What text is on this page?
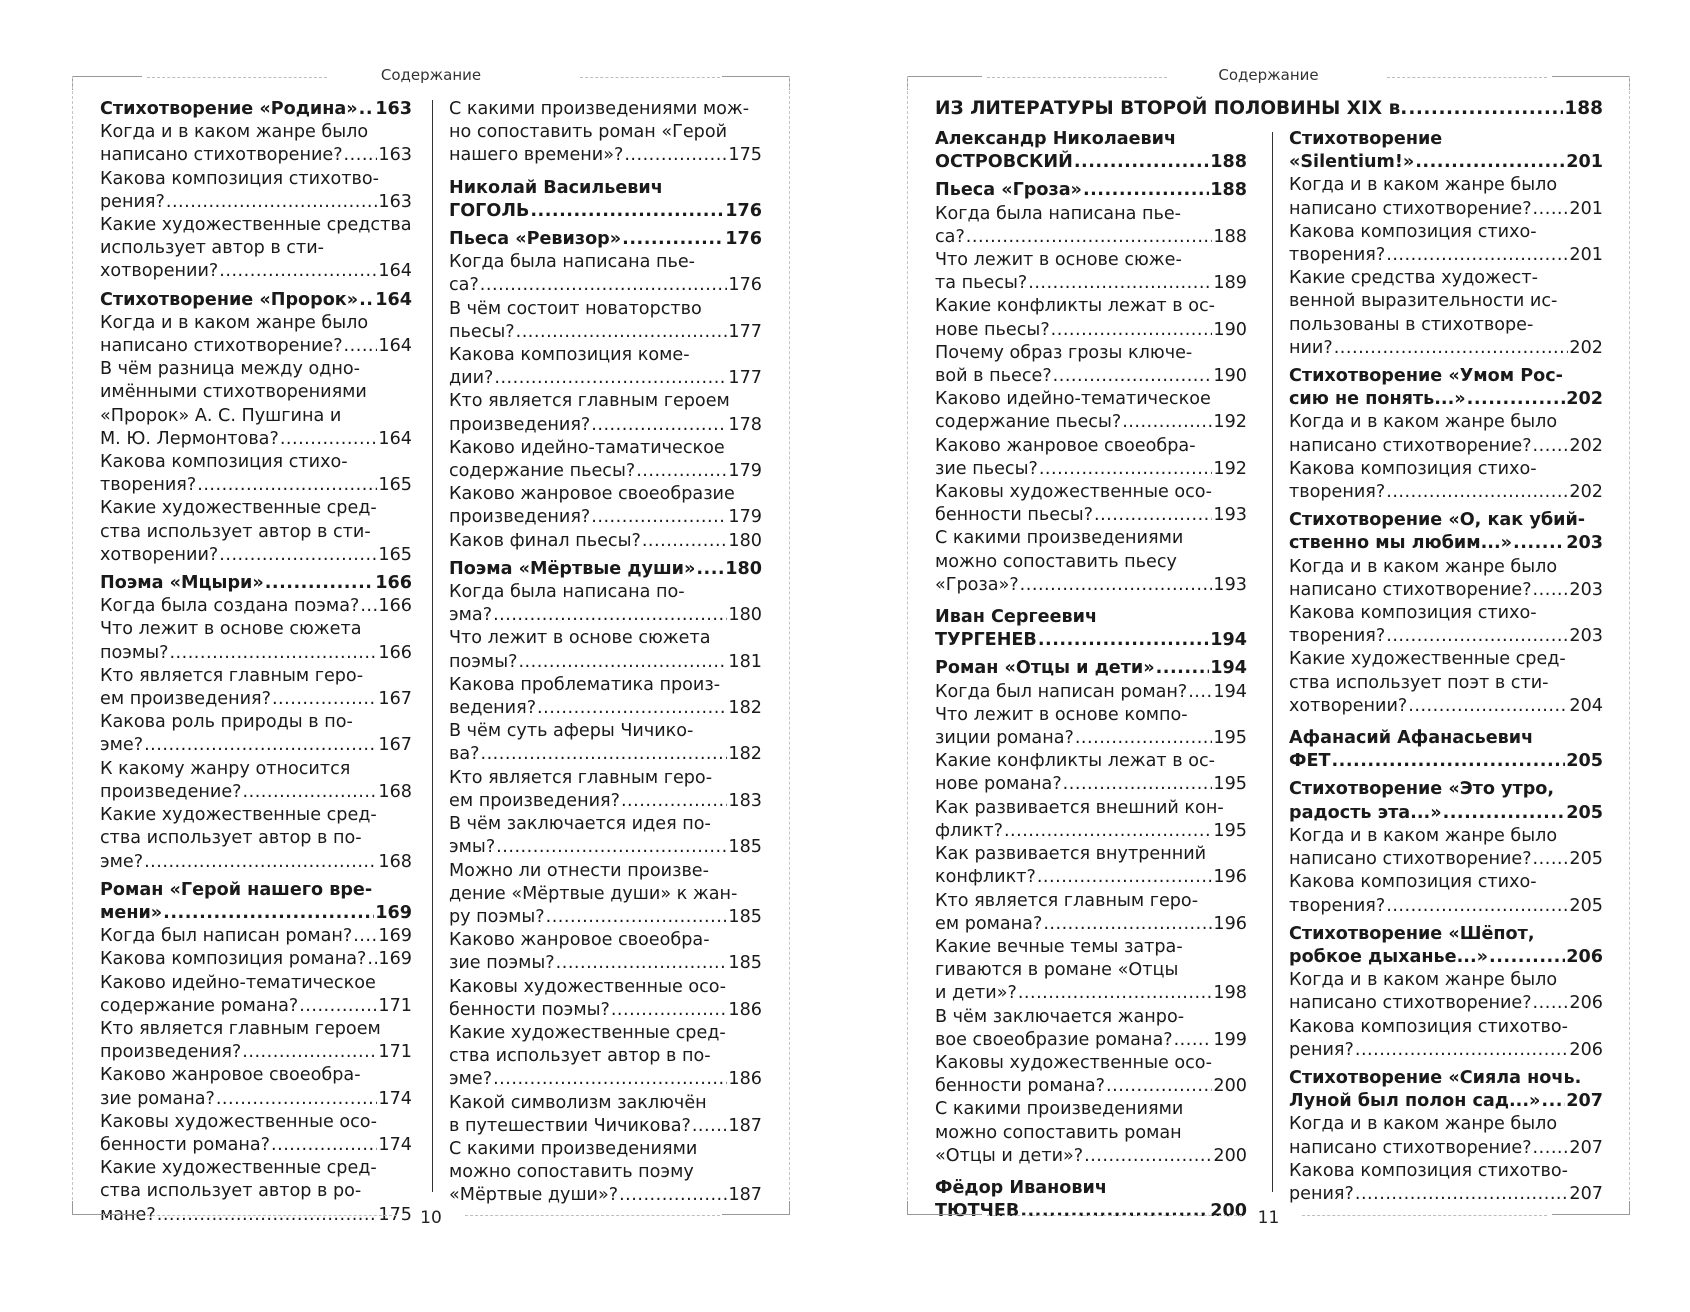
Содержание
Стихотворение «Родина» ..... 163
Когда и в каком жанре было
написано стихотворение? ..... 163
Какова композиция стихотво-
рения? .....	163
Какие художественные средства
использует автор в сти-
хотворении? .....	164
Стихотворение «Пророк» ..... 164
Когда и в каком жанре было
написано стихотворение? ..... 164
В чём разница между одно-
имёнными стихотворениями
«Пророк» А. С. Пушгина и
М. Ю. Лермонтова? .....	164
Какова композиция стихо-
творения? .....	165
Какие художественные сред-
ства использует автор в сти-
хотворении? .....	165
Поэма «Мцыри» .....	166
Когда была создана поэма? ..... 166
Что лежит в основе сюжета
поэмы? .....	166
Кто является главным геро-
ем произведения? .....	167
Какова роль природы в по-
эме? .....	167
К какому жанру относится
произведение? .....	168
Какие художественные сред-
ства использует автор в по-
эме? .....	168
Роман «Герой нашего вре-
мени» .....	169
Когда был написан роман? ..... 169
Какова композиция романа? ..... 169
Каково идейно-тематическое
содержание романа? .....	171
Кто является главным героем
произведения? .....	171
Каково жанровое своеобра-
зие романа? .....	174
Каковы художественные осо-
бенности романа? .....	174
Какие художественные сред-
ства использует автор в ро-
мане? .....	175
С какими произведениями мож-
но сопоставить роман «Герой
нашего времени»? .....	175
Николай Васильевич
ГОГОЛЬ .....	176
Пьеса «Ревизор» .....	176
Когда была написана пье-
са? .....	176
В чём состоит новаторство
пьесы? .....	177
Какова композиция коме-
дии? .....	177
Кто является главным героем
произведения? .....	178
Каково идейно-таматическое
содержание пьесы? .....	179
Каково жанровое своеобразие
произведения? .....	179
Каков финал пьесы? .....	180
Поэма «Мёртвые души» ..... 180
Когда была написана по-
эма? .....	180
Что лежит в основе сюжета
поэмы? .....	181
Какова проблематика произ-
ведения? .....	182
В чём суть аферы Чичико-
ва? .....	182
Кто является главным геро-
ем произведения? .....	183
В чём заключается идея по-
эмы? .....	185
Можно ли отнести произве-
дение «Мёртвые души» к жан-
ру поэмы? .....	185
Каково жанровое своеобра-
зие поэмы? .....	185
Каковы художественные осо-
бенности поэмы? .....	186
Какие художественные сред-
ства использует автор в по-
эме? .....	186
Какой символизм заключён
в путешествии Чичикова? ..... 187
С какими произведениями
можно сопоставить поэму
«Мёртвые души»? .....	187
10
Содержание
ИЗ ЛИТЕРАТУРЫ ВТОРОЙ ПОЛОВИНЫ XIX в. .....	188
Александр Николаевич
ОСТРОВСКИЙ .....	188
Пьеса «Гроза» .....	188
Когда была написана пье-
са? .....	188
Что лежит в основе сюже-
та пьесы? .....	189
Какие конфликты лежат в ос-
нове пьесы? .....	190
Почему образ грозы ключе-
вой в пьесе? .....	190
Каково идейно-тематическое
содержание пьесы? .....	192
Каково жанровое своеобра-
зие пьесы? .....	192
Каковы художественные осо-
бенности пьесы? .....	193
С какими произведениями
можно сопоставить пьесу
«Гроза»? .....	193
Иван Сергеевич
ТУРГЕНЕВ .....	194
Роман «Отцы и дети» .....	194
Когда был написан роман? ..... 194
Что лежит в основе компо-
зиции романа? .....	195
Какие конфликты лежат в ос-
нове романа? .....	195
Как развивается внешний кон-
фликт? .....	195
Как развивается внутренний
конфликт? .....	196
Кто является главным геро-
ем романа? .....	196
Какие вечные темы затра-
гиваются в романе «Отцы
и дети»? .....	198
В чём заключается жанро-
вое своеобразие романа? ..... 199
Каковы художественные осо-
бенности романа? .....	200
С какими произведениями
можно сопоставить роман
«Отцы и дети»? .....	200
Фёдор Иванович
ТЮТЧЕВ .....	200
Стихотворение
«Silentium!» .....	201
Когда и в каком жанре было
написано стихотворение? ..... 201
Какова композиция стихо-
творения? .....	201
Какие средства художест-
венной выразительности ис-
пользованы в стихотворе-
нии? .....	202
Стихотворение «Умом Рос-
сию не понять...» .....	202
Когда и в каком жанре было
написано стихотворение? ..... 202
Какова композиция стихо-
творения? .....	202
Стихотворение «О, как убий-
ственно мы любим...» .....	203
Когда и в каком жанре было
написано стихотворение? ..... 203
Какова композиция стихо-
творения? .....	203
Какие художественные сред-
ства использует поэт в сти-
хотворении? .....	204
Афанасий Афанасьевич
ФЕТ .....	205
Стихотворение «Это утро,
радость эта...» .....	205
Когда и в каком жанре было
написано стихотворение? ..... 205
Какова композиция стихо-
творения? .....	205
Стихотворение «Шёпот,
робкое дыханье...» .....	206
Когда и в каком жанре было
написано стихотворение? ..... 206
Какова композиция стихотво-
рения? .....	206
Стихотворение «Сияла ночь.
Луной был полон сад...» ..... 207
Когда и в каком жанре было
написано стихотворение? ..... 207
Какова композиция стихотво-
рения? .....	207
11
